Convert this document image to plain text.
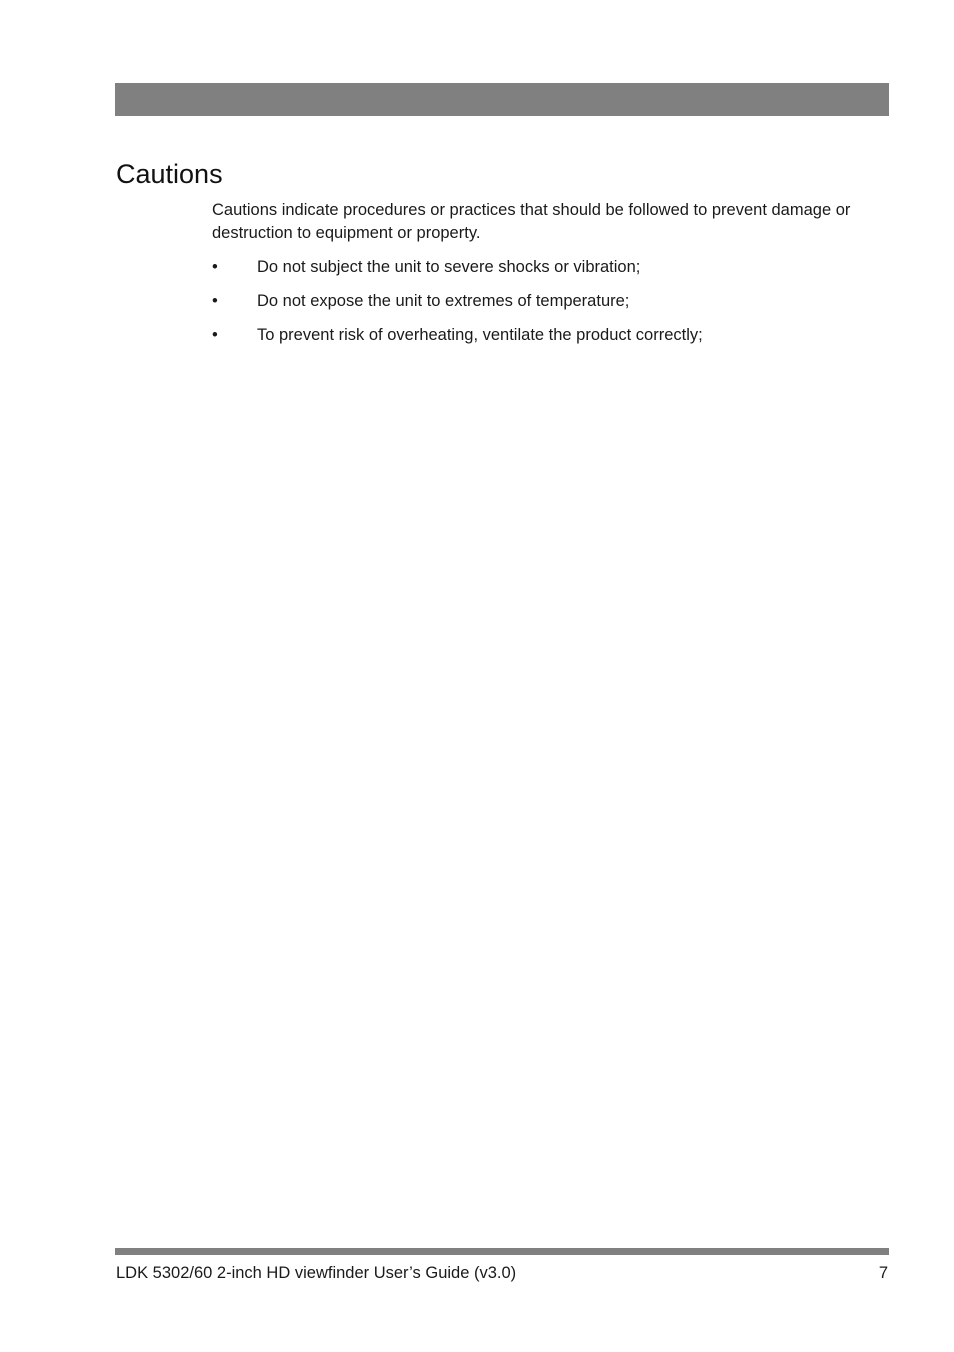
Cautions

Cautions indicate procedures or practices that should be followed to prevent damage or destruction to equipment or property.

•	Do not subject the unit to severe shocks or vibration;
•	Do not expose the unit to extremes of temperature;
•	To prevent risk of overheating, ventilate the product correctly;
LDK 5302/60 2-inch HD viewfinder User’s Guide (v3.0)	7
